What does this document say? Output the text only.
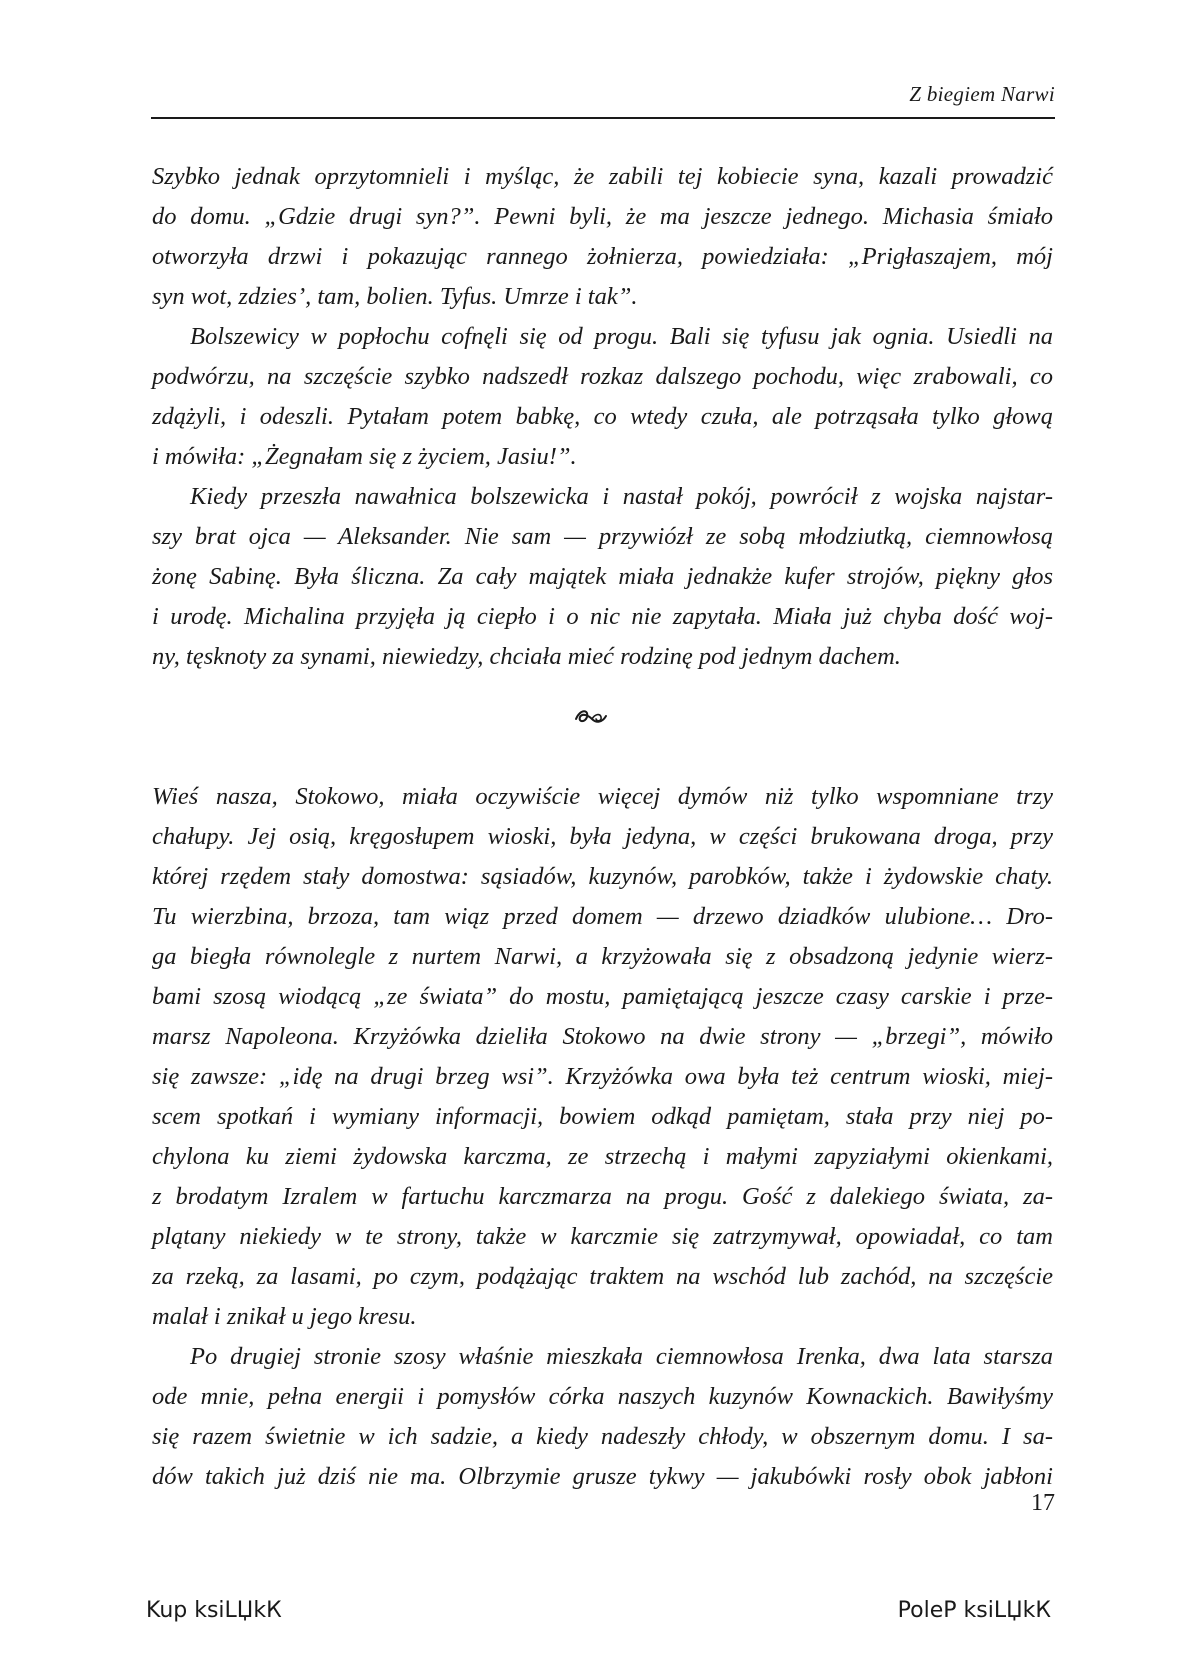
Z biegiem Narwi

Szybko jednak oprzytomnieli i myśląc, że zabili tej kobiecie syna, kazali prowadzić

do domu. „Gdzie drugi syn?”. Pewni byli, że ma jeszcze jednego. Michasia śmiało

otworzyła drzwi i pokazując rannego żołnierza, powiedziała: „Prigłaszajem, mój

syn wot, zdzies’, tam, bolien. Tyfus. Umrze i tak”.

Bolszewicy w popłochu cofnęli się od progu. Bali się tyfusu jak ognia. Usiedli na

podwórzu, na szczęście szybko nadszedł rozkaz dalszego pochodu, więc zrabowali, co

zdążyli, i odeszli. Pytałam potem babkę, co wtedy czuła, ale potrząsała tylko głową

i mówiła: „Żegnałam się z życiem, Jasiu!”.

Kiedy przeszła nawałnica bolszewicka i nastał pokój, powrócił z wojska najstar-

szy brat ojca — Aleksander. Nie sam — przywiózł ze sobą młodziutką, ciemnowłosą

żonę Sabinę. Była śliczna. Za cały majątek miała jednakże kufer strojów, piękny głos

i urodę. Michalina przyjęła ją ciepło i o nic nie zapytała. Miała już chyba dość woj-

ny, tęsknoty za synami, niewiedzy, chciała mieć rodzinę pod jednym dachem.

Wieś nasza, Stokowo, miała oczywiście więcej dymów niż tylko wspomniane trzy

chałupy. Jej osią, kręgosłupem wioski, była jedyna, w części brukowana droga, przy

której rzędem stały domostwa: sąsiadów, kuzynów, parobków, także i żydowskie chaty.

Tu wierzbina, brzoza, tam wiąz przed domem — drzewo dziadków ulubione… Dro-

ga biegła równolegle z nurtem Narwi, a krzyżowała się z obsadzoną jedynie wierz-

bami szosą wiodącą „ze świata” do mostu, pamiętającą jeszcze czasy carskie i prze-

marsz Napoleona. Krzyżówka dzieliła Stokowo na dwie strony — „brzegi”, mówiło

się zawsze: „idę na drugi brzeg wsi”. Krzyżówka owa była też centrum wioski, miej-

scem spotkań i wymiany informacji, bowiem odkąd pamiętam, stała przy niej po-

chylona ku ziemi żydowska karczma, ze strzechą i małymi zapyziałymi okienkami,

z brodatym Izralem w fartuchu karczmarza na progu. Gość z dalekiego świata, za-

plątany niekiedy w te strony, także w karczmie się zatrzymywał, opowiadał, co tam

za rzeką, za lasami, po czym, podążając traktem na wschód lub zachód, na szczęście

malał i znikał u jego kresu.

Po drugiej stronie szosy właśnie mieszkała ciemnowłosa Irenka, dwa lata starsza

ode mnie, pełna energii i pomysłów córka naszych kuzynów Kownackich. Bawiłyśmy

się razem świetnie w ich sadzie, a kiedy nadeszły chłody, w obszernym domu. I sa-

dów takich już dziś nie ma. Olbrzymie grusze tykwy — jakubówki rosły obok jabłoni

17
Kup ksiLЏkК	PoleP ksiLЏkК
